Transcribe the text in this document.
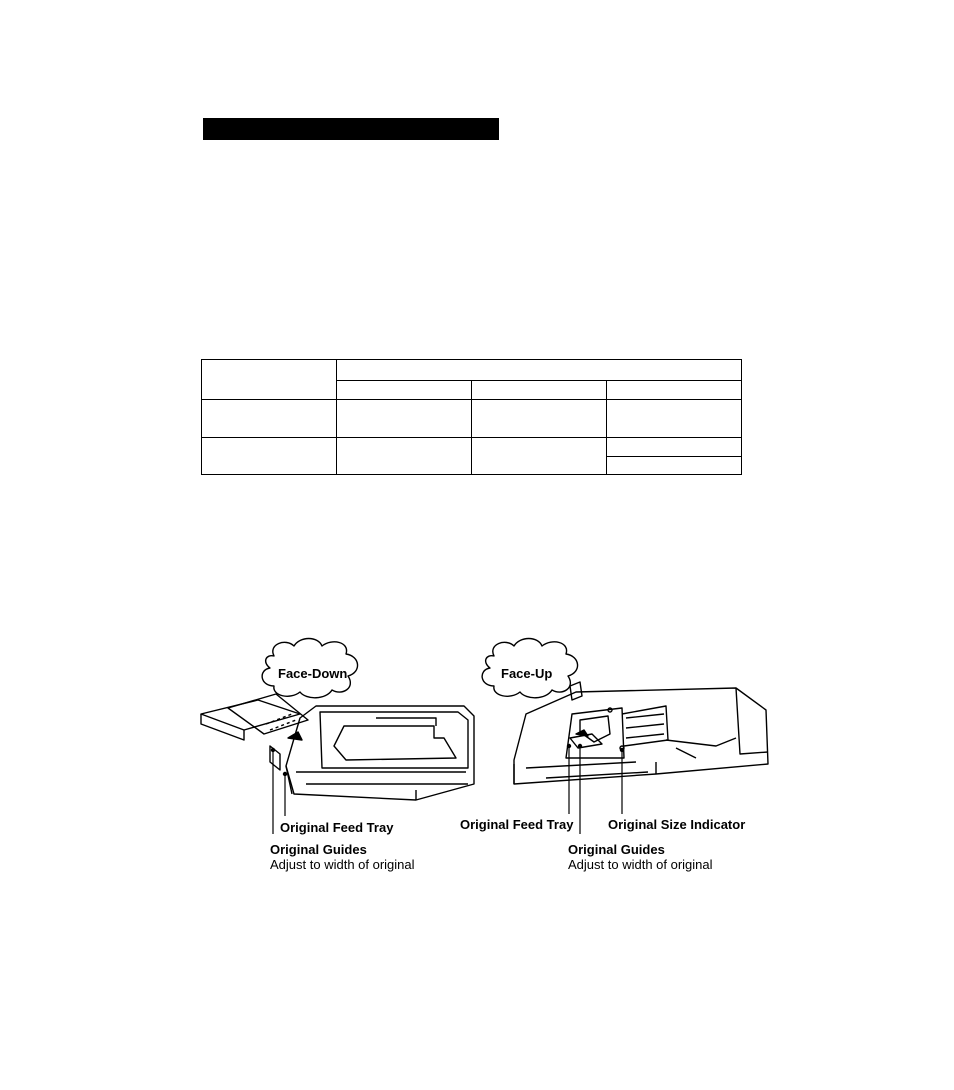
Face-Down	Face-Up
Original Feed Tray
Original Guides
Adjust to width of original
Original Feed Tray	Original Size Indicator
Original Guides
Adjust to width of original
